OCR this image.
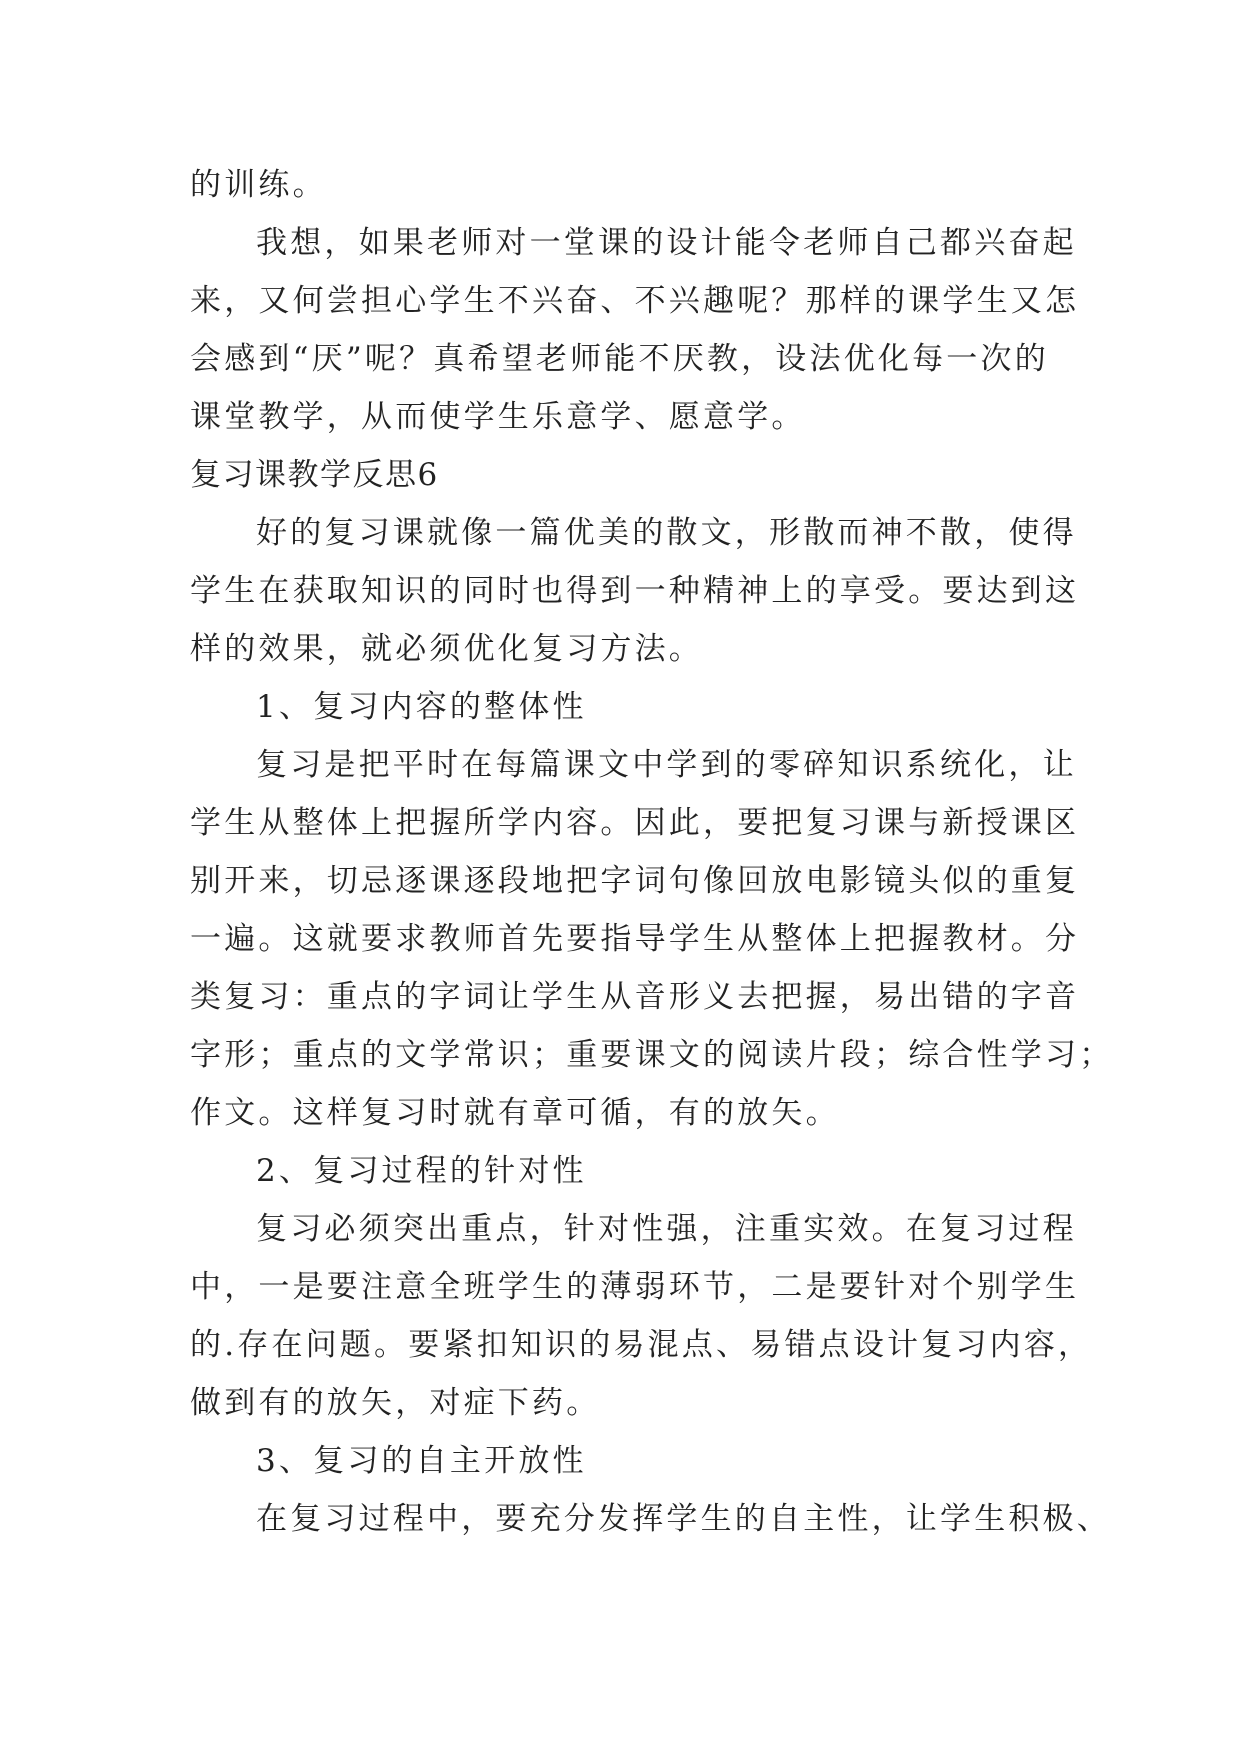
的训练。
我想，如果老师对一堂课的设计能令老师自己都兴奋起
来，又何尝担心学生不兴奋、不兴趣呢？那样的课学生又怎
会感到“厌”呢？真希望老师能不厌教，设法优化每一次的
课堂教学，从而使学生乐意学、愿意学。
复习课教学反思6
好的复习课就像一篇优美的散文，形散而神不散，使得
学生在获取知识的同时也得到一种精神上的享受。要达到这
样的效果，就必须优化复习方法。
1、复习内容的整体性
复习是把平时在每篇课文中学到的零碎知识系统化，让
学生从整体上把握所学内容。因此，要把复习课与新授课区
别开来，切忌逐课逐段地把字词句像回放电影镜头似的重复
一遍。这就要求教师首先要指导学生从整体上把握教材。分
类复习：重点的字词让学生从音形义去把握，易出错的字音
字形；重点的文学常识；重要课文的阅读片段；综合性学习；
作文。这样复习时就有章可循，有的放矢。
2、复习过程的针对性
复习必须突出重点，针对性强，注重实效。在复习过程
中，一是要注意全班学生的薄弱环节，二是要针对个别学生
的.存在问题。要紧扣知识的易混点、易错点设计复习内容，
做到有的放矢，对症下药。
3、复习的自主开放性
在复习过程中，要充分发挥学生的自主性，让学生积极、
